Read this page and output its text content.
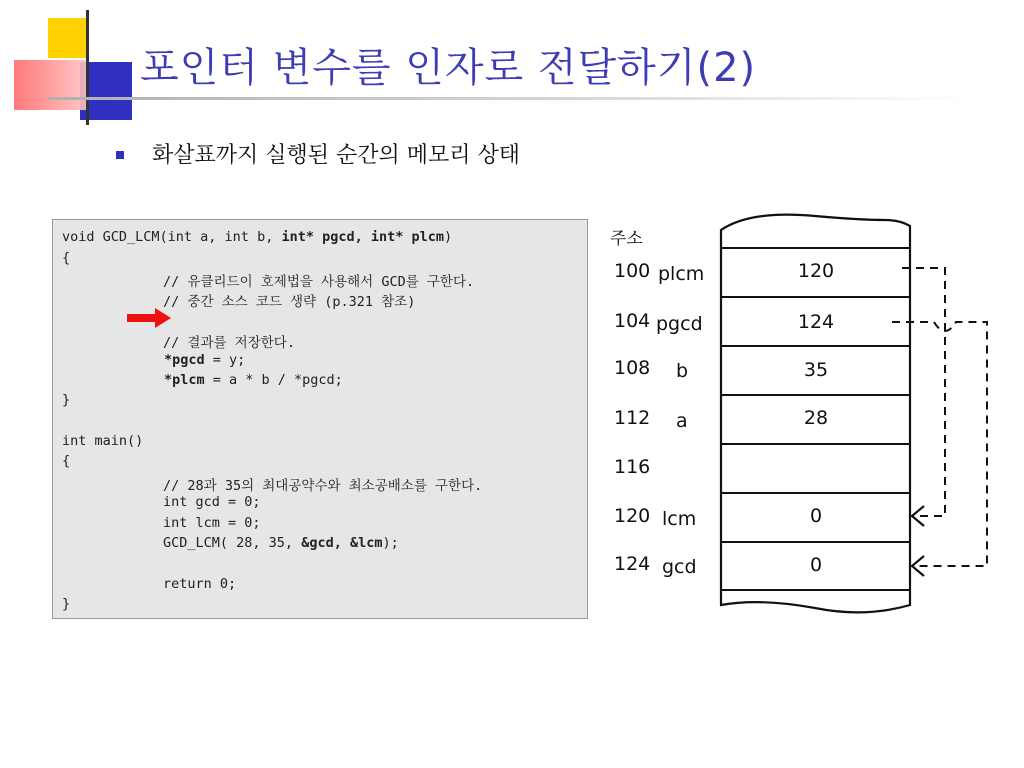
포인터 변수를 인자로 전달하기(2)
화살표까지 실행된 순간의 메모리 상태
void GCD_LCM(int a, int b, int* pgcd, int* plcm)
{
// 유클리드이 호제법을 사용해서 GCD를 구한다.
// 중간 소스 코드 생략 (p.321 참조)
// 결과를 저장한다.
*pgcd = y;
*plcm = a * b / *pgcd;
}
int main()
{
// 28과 35의 최대공약수와 최소공배소를 구한다.
int gcd = 0;
int lcm = 0;
GCD_LCM( 28, 35, &gcd, &lcm);
return 0;
}
주소
100 plcm	120
104 pgcd	124
108 b	35
112 a	28
116
120 lcm	0
124 gcd	0
